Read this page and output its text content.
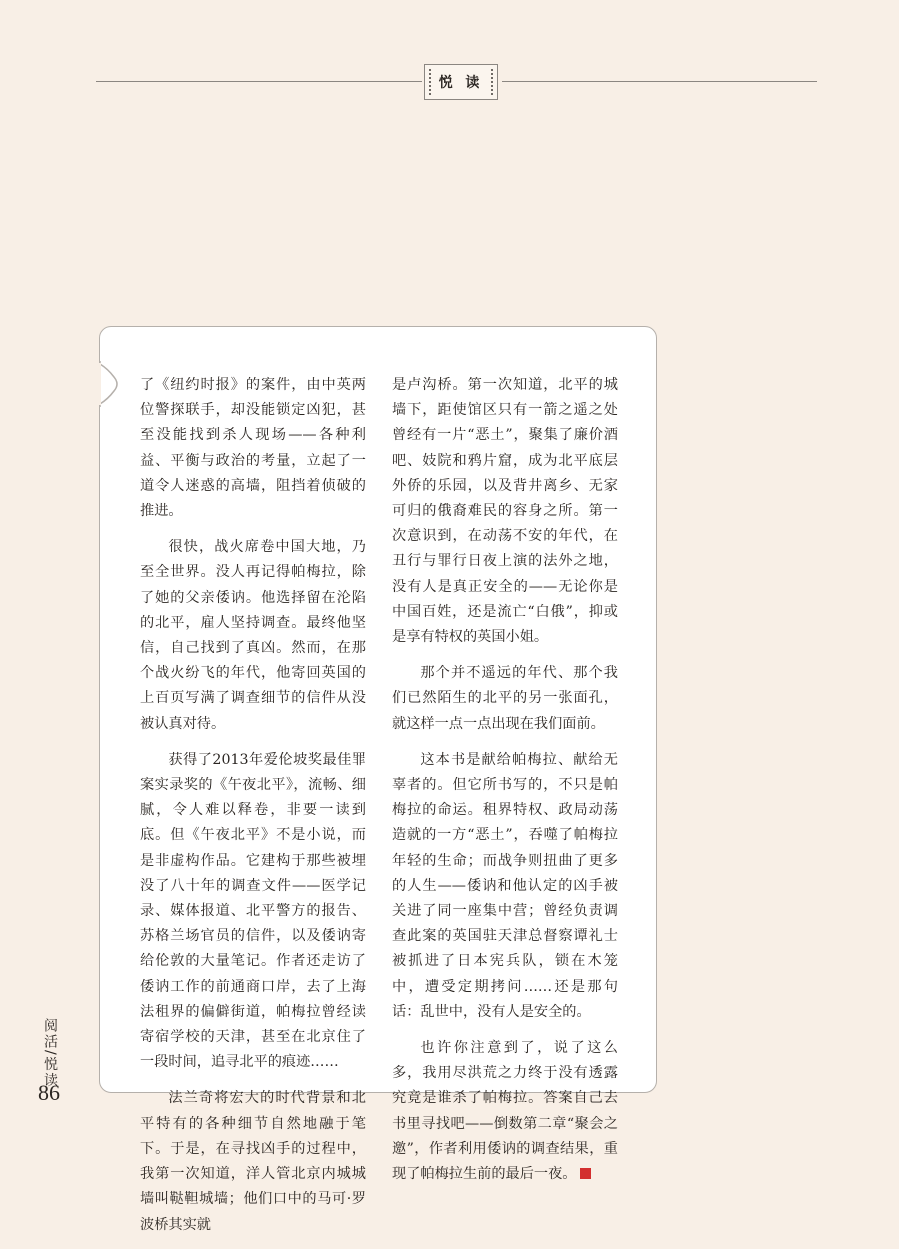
悦 读

了《纽约时报》的案件，由中英两位警探联手，却没能锁定凶犯，甚至没能找到杀人现场——各种利益、平衡与政治的考量，立起了一道令人迷惑的高墙，阻挡着侦破的推进。

很快，战火席卷中国大地，乃至全世界。没人再记得帕梅拉，除了她的父亲倭讷。他选择留在沦陷的北平，雇人坚持调查。最终他坚信，自己找到了真凶。然而，在那个战火纷飞的年代，他寄回英国的上百页写满了调查细节的信件从没被认真对待。

获得了2013年爱伦坡奖最佳罪案实录奖的《午夜北平》，流畅、细腻，令人难以释卷，非要一读到底。但《午夜北平》不是小说，而是非虚构作品。它建构于那些被埋没了八十年的调查文件——医学记录、媒体报道、北平警方的报告、苏格兰场官员的信件，以及倭讷寄给伦敦的大量笔记。作者还走访了倭讷工作的前通商口岸，去了上海法租界的偏僻街道，帕梅拉曾经读寄宿学校的天津，甚至在北京住了一段时间，追寻北平的痕迹……

法兰奇将宏大的时代背景和北平特有的各种细节自然地融于笔下。于是，在寻找凶手的过程中，我第一次知道，洋人管北京内城城墙叫鞑靼城墙；他们口中的马可·罗波桥其实就

是卢沟桥。第一次知道，北平的城墙下，距使馆区只有一箭之遥之处曾经有一片“恶土”，聚集了廉价酒吧、妓院和鸦片窟，成为北平底层外侨的乐园，以及背井离乡、无家可归的俄裔难民的容身之所。第一次意识到，在动荡不安的年代，在丑行与罪行日夜上演的法外之地，没有人是真正安全的——无论你是中国百姓，还是流亡“白俄”，抑或是享有特权的英国小姐。

那个并不遥远的年代、那个我们已然陌生的北平的另一张面孔，就这样一点一点出现在我们面前。

这本书是献给帕梅拉、献给无辜者的。但它所书写的，不只是帕梅拉的命运。租界特权、政局动荡造就的一方“恶土”，吞噬了帕梅拉年轻的生命；而战争则扭曲了更多的人生——倭讷和他认定的凶手被关进了同一座集中营；曾经负责调查此案的英国驻天津总督察谭礼士被抓进了日本宪兵队，锁在木笼中，遭受定期拷问……还是那句话：乱世中，没有人是安全的。

也许你注意到了，说了这么多，我用尽洪荒之力终于没有透露究竟是谁杀了帕梅拉。答案自己去书里寻找吧——倒数第二章“聚会之邀”，作者利用倭讷的调查结果，重现了帕梅拉生前的最后一夜。

阅活/悦读
86
